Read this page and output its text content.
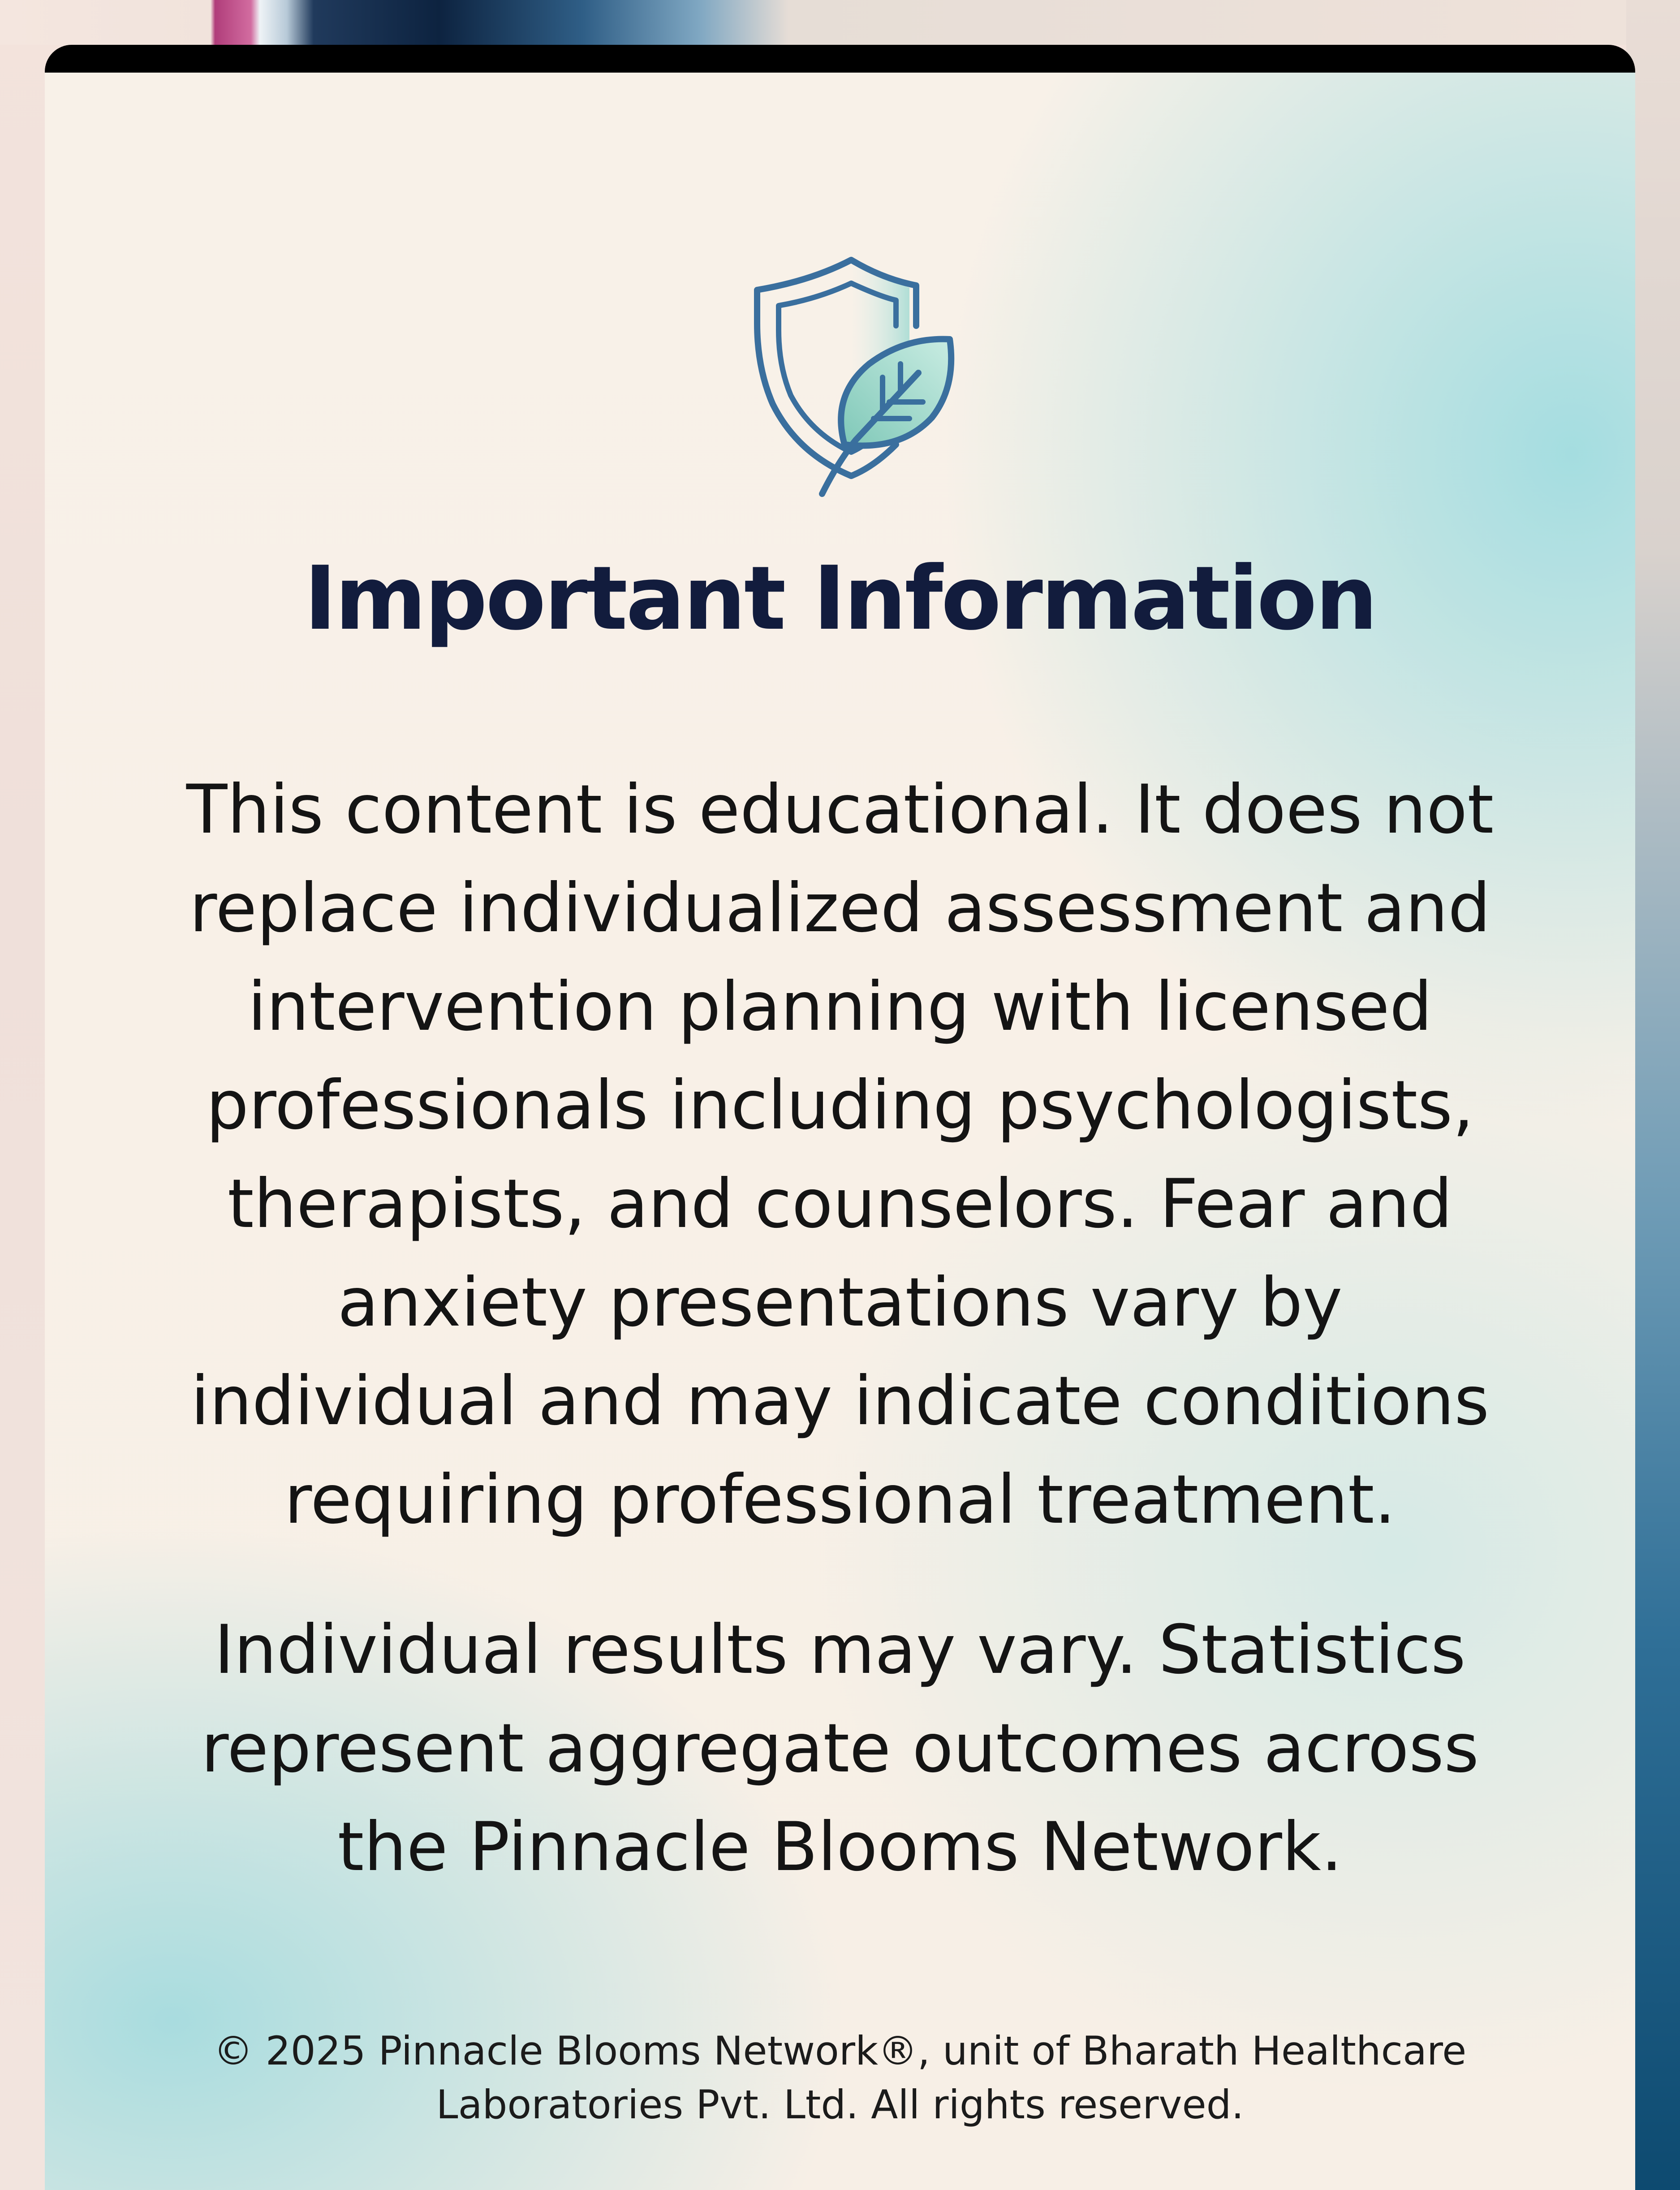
Important Information

This content is educational. It does not replace individualized assessment and intervention planning with licensed professionals including psychologists, therapists, and counselors. Fear and anxiety presentations vary by individual and may indicate conditions requiring professional treatment.

Individual results may vary. Statistics represent aggregate outcomes across the Pinnacle Blooms Network.

© 2025 Pinnacle Blooms Network®, unit of Bharath Healthcare Laboratories Pvt. Ltd. All rights reserved.
